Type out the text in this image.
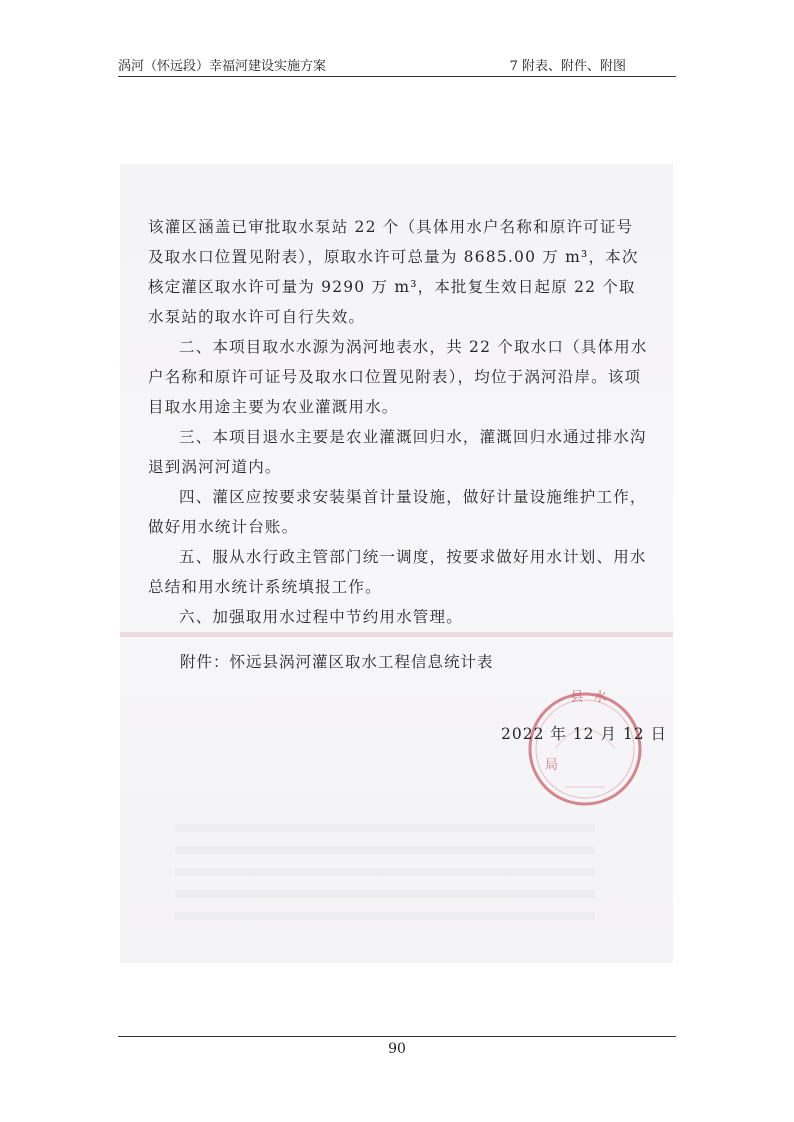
涡河（怀远段）幸福河建设实施方案	7 附表、附件、附图

该灌区涵盖已审批取水泵站 22 个（具体用水户名称和原许可证号及取水口位置见附表），原取水许可总量为 8685.00 万 m³，本次核定灌区取水许可量为 9290 万 m³，本批复生效日起原 22 个取水泵站的取水许可自行失效。

二、本项目取水水源为涡河地表水，共 22 个取水口（具体用水户名称和原许可证号及取水口位置见附表），均位于涡河沿岸。该项目取水用途主要为农业灌溉用水。

三、本项目退水主要是农业灌溉回归水，灌溉回归水通过排水沟退到涡河河道内。

四、灌区应按要求安装渠首计量设施，做好计量设施维护工作，做好用水统计台账。

五、服从水行政主管部门统一调度，按要求做好用水计划、用水总结和用水统计系统填报工作。

六、加强取用水过程中节约用水管理。

附件：怀远县涡河灌区取水工程信息统计表
县 水
局
2022 年 12 月 12 日
90
